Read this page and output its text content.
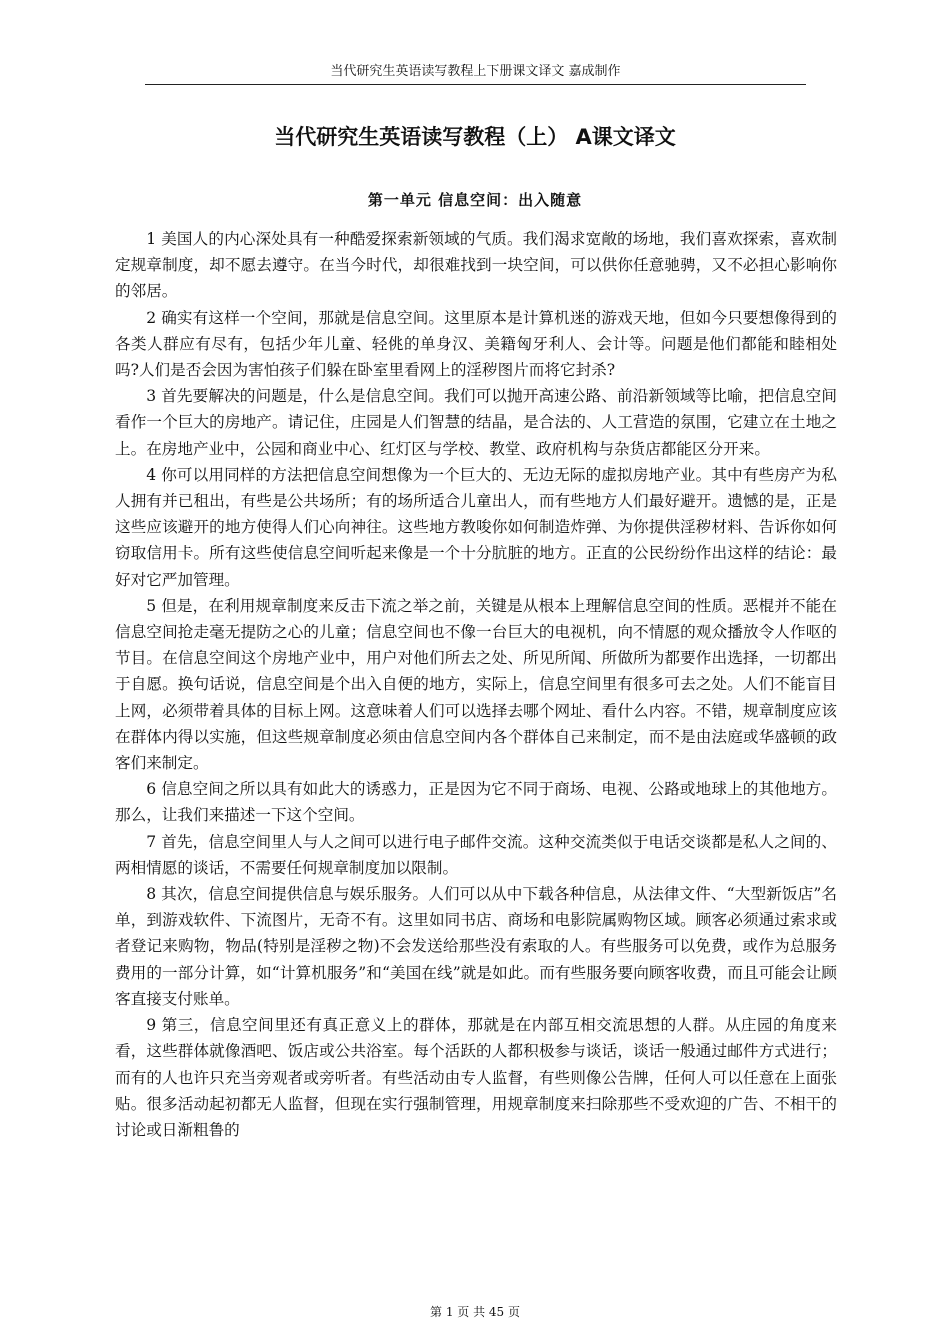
当代研究生英语读写教程上下册课文译文 嘉成制作
当代研究生英语读写教程（上） A课文译文
第一单元 信息空间：出入随意

1 美国人的内心深处具有一种酷爱探索新领域的气质。我们渴求宽敞的场地，我们喜欢探索，喜欢制定规章制度，却不愿去遵守。在当今时代，却很难找到一块空间，可以供你任意驰骋，又不必担心影响你的邻居。

2 确实有这样一个空间，那就是信息空间。这里原本是计算机迷的游戏天地，但如今只要想像得到的各类人群应有尽有，包括少年儿童、轻佻的单身汉、美籍匈牙利人、会计等。问题是他们都能和睦相处吗?人们是否会因为害怕孩子们躲在卧室里看网上的淫秽图片而将它封杀?

3 首先要解决的问题是，什么是信息空间。我们可以抛开高速公路、前沿新领域等比喻，把信息空间看作一个巨大的房地产。请记住，庄园是人们智慧的结晶，是合法的、人工营造的氛围，它建立在土地之上。在房地产业中，公园和商业中心、红灯区与学校、教堂、政府机构与杂货店都能区分开来。

4 你可以用同样的方法把信息空间想像为一个巨大的、无边无际的虚拟房地产业。其中有些房产为私人拥有并已租出，有些是公共场所；有的场所适合儿童出人，而有些地方人们最好避开。遗憾的是，正是这些应该避开的地方使得人们心向神往。这些地方教唆你如何制造炸弹、为你提供淫秽材料、告诉你如何窃取信用卡。所有这些使信息空间听起来像是一个十分肮脏的地方。正直的公民纷纷作出这样的结论：最好对它严加管理。

5 但是，在利用规章制度来反击下流之举之前，关键是从根本上理解信息空间的性质。恶棍并不能在信息空间抢走毫无提防之心的儿童；信息空间也不像一台巨大的电视机，向不情愿的观众播放令人作呕的节目。在信息空间这个房地产业中，用户对他们所去之处、所见所闻、所做所为都要作出选择，一切都出于自愿。换句话说，信息空间是个出入自便的地方，实际上，信息空间里有很多可去之处。人们不能盲目上网，必须带着具体的目标上网。这意味着人们可以选择去哪个网址、看什么内容。不错，规章制度应该在群体内得以实施，但这些规章制度必须由信息空间内各个群体自己来制定，而不是由法庭或华盛顿的政客们来制定。

6 信息空间之所以具有如此大的诱惑力，正是因为它不同于商场、电视、公路或地球上的其他地方。那么，让我们来描述一下这个空间。

7 首先，信息空间里人与人之间可以进行电子邮件交流。这种交流类似于电话交谈都是私人之间的、两相情愿的谈话，不需要任何规章制度加以限制。

8 其次，信息空间提供信息与娱乐服务。人们可以从中下载各种信息，从法律文件、“大型新饭店”名单，到游戏软件、下流图片，无奇不有。这里如同书店、商场和电影院属购物区域。顾客必须通过索求或者登记来购物，物品(特别是淫秽之物)不会发送给那些没有索取的人。有些服务可以免费，或作为总服务费用的一部分计算，如“计算机服务”和“美国在线”就是如此。而有些服务要向顾客收费，而且可能会让顾客直接支付账单。

9 第三，信息空间里还有真正意义上的群体，那就是在内部互相交流思想的人群。从庄园的角度来看，这些群体就像酒吧、饭店或公共浴室。每个活跃的人都积极参与谈话，谈话一般通过邮件方式进行；而有的人也许只充当旁观者或旁听者。有些活动由专人监督，有些则像公告牌，任何人可以任意在上面张贴。很多活动起初都无人监督，但现在实行强制管理，用规章制度来扫除那些不受欢迎的广告、不相干的讨论或日渐粗鲁的

第 1 页 共 45 页
